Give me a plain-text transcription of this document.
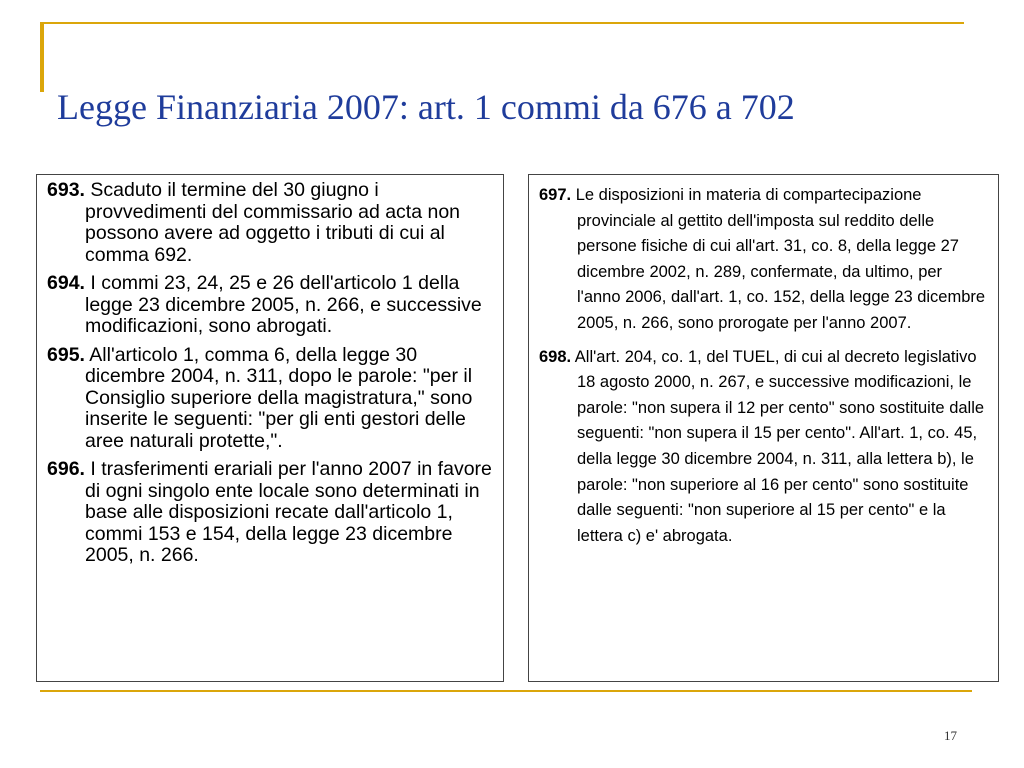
Legge Finanziaria 2007: art. 1 commi da 676 a 702

693. Scaduto il termine del 30 giugno i provvedimenti del commissario ad acta non possono avere ad oggetto i tributi di cui al comma 692.

694. I commi 23, 24, 25 e 26 dell'articolo 1 della legge 23 dicembre 2005, n. 266, e successive modificazioni, sono abrogati.

695. All'articolo 1, comma 6, della legge 30 dicembre 2004, n. 311, dopo le parole: "per il Consiglio superiore della magistratura," sono inserite le seguenti: "per gli enti gestori delle aree naturali protette,".

696. I trasferimenti erariali per l'anno 2007 in favore di ogni singolo ente locale sono determinati in base alle disposizioni recate dall'articolo 1, commi 153 e 154, della legge 23 dicembre 2005, n. 266.

697. Le disposizioni in materia di compartecipazione provinciale al gettito dell'imposta sul reddito delle persone fisiche di cui all'art. 31, co. 8, della legge 27 dicembre 2002, n. 289, confermate, da ultimo, per l'anno 2006, dall'art. 1, co. 152, della legge 23 dicembre 2005, n. 266, sono prorogate per l'anno 2007.

698. All'art. 204, co. 1, del TUEL, di cui al decreto legislativo 18 agosto 2000, n. 267, e successive modificazioni, le parole: "non supera il 12 per cento" sono sostituite dalle seguenti: "non supera il 15 per cento". All'art. 1, co. 45, della legge 30 dicembre 2004, n. 311, alla lettera b), le parole: "non superiore al 16 per cento" sono sostituite dalle seguenti: "non superiore al 15 per cento" e la lettera c) e' abrogata.

17
